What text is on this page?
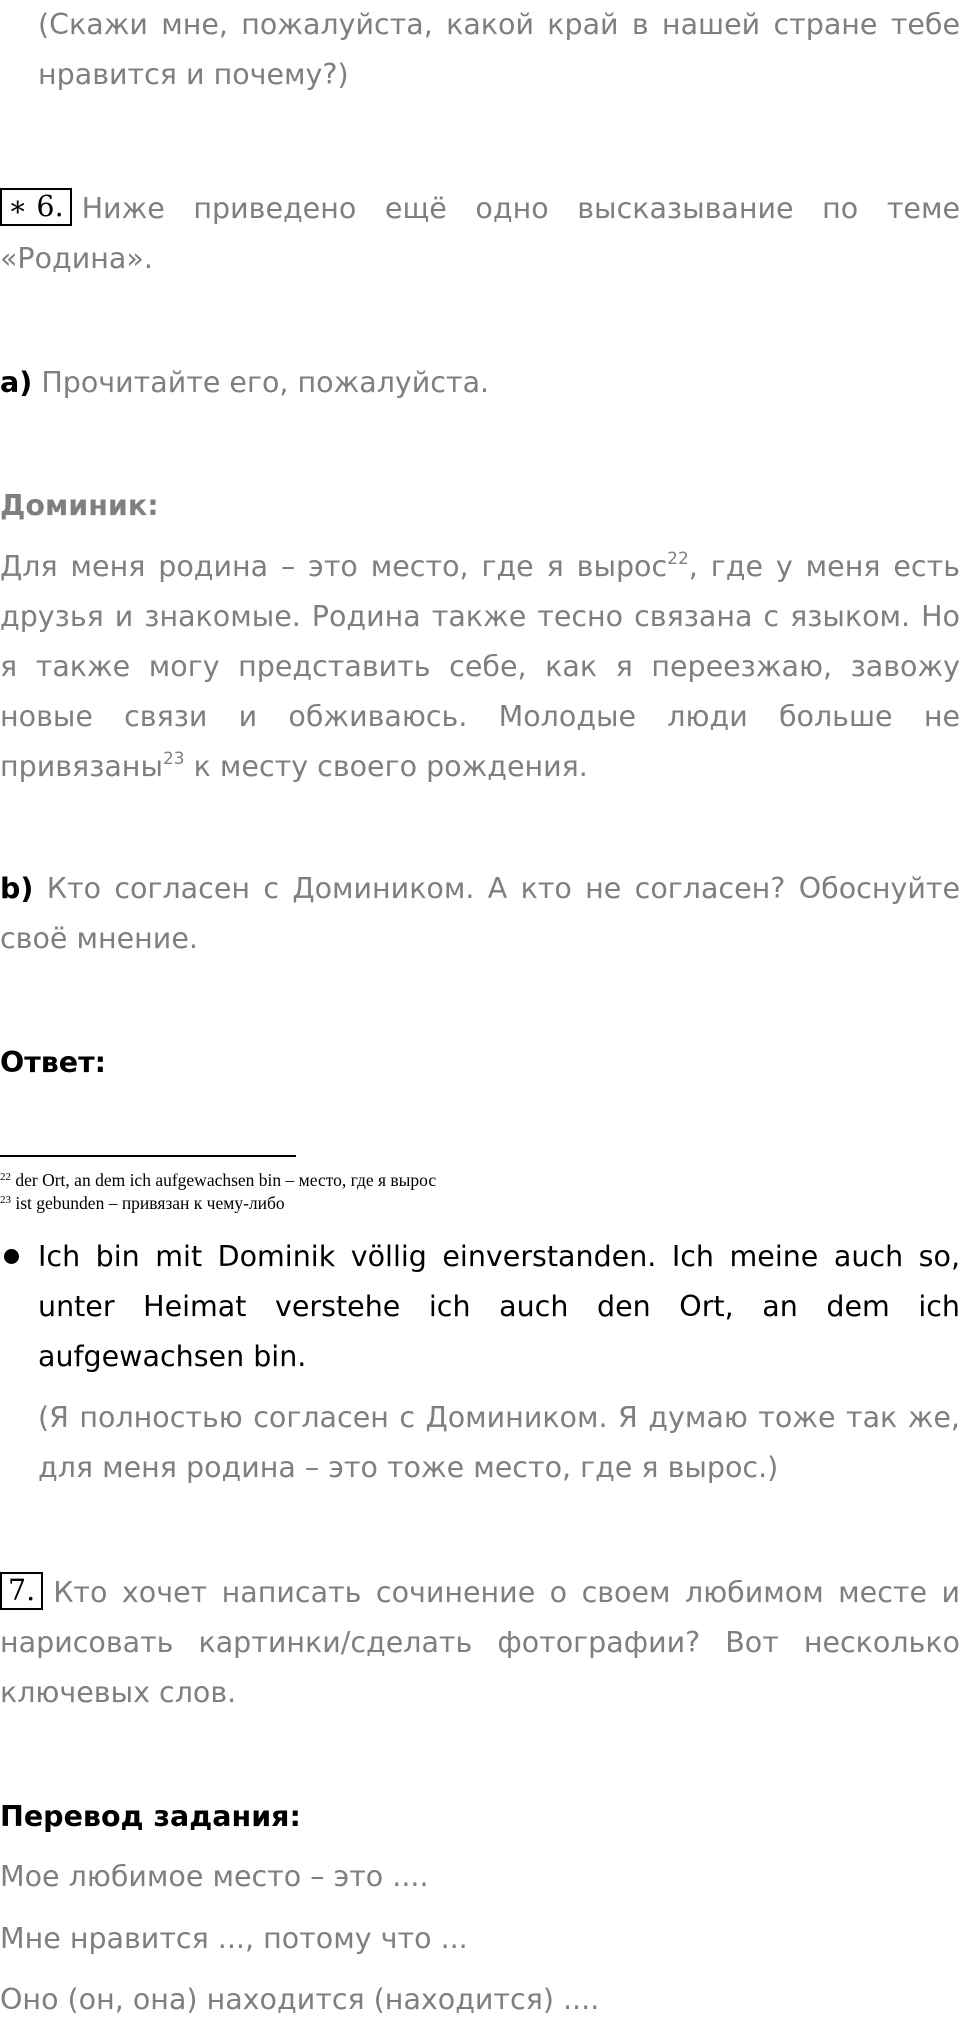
(Скажи мне, пожалуйста, какой край в нашей стране тебе нравится и почему?)

∗ 6. Ниже приведено ещё одно высказывание по теме «Родина».

a) Прочитайте его, пожалуйста.

Доминик:

Для меня родина – это место, где я вырос$^{22}$, где у меня есть друзья и знакомые. Родина также тесно связана с языком. Но я также могу представить себе, как я переезжаю, завожу новые связи и обживаюсь. Молодые люди больше не привязаны$^{23}$ к месту своего рождения.

b) Кто согласен с Домиником. А кто не согласен? Обоснуйте своё мнение.

Ответ:

$^{22}$ der Ort, an dem ich aufgewachsen bin – место, где я вырос
$^{23}$ ist gebunden – привязан к чему-либо
Ich bin mit Dominik völlig einverstanden. Ich meine auch so, unter Heimat verstehe ich auch den Ort, an dem ich aufgewachsen bin.

(Я полностью согласен с Домиником. Я думаю тоже так же, для меня родина – это тоже место, где я вырос.)

7. Кто хочет написать сочинение о своем любимом месте и нарисовать картинки/сделать фотографии? Вот несколько ключевых слов.

Перевод задания:

Мое любимое место – это ....

Мне нравится ..., потому что ...

Оно (он, она) находится (находится) ....
